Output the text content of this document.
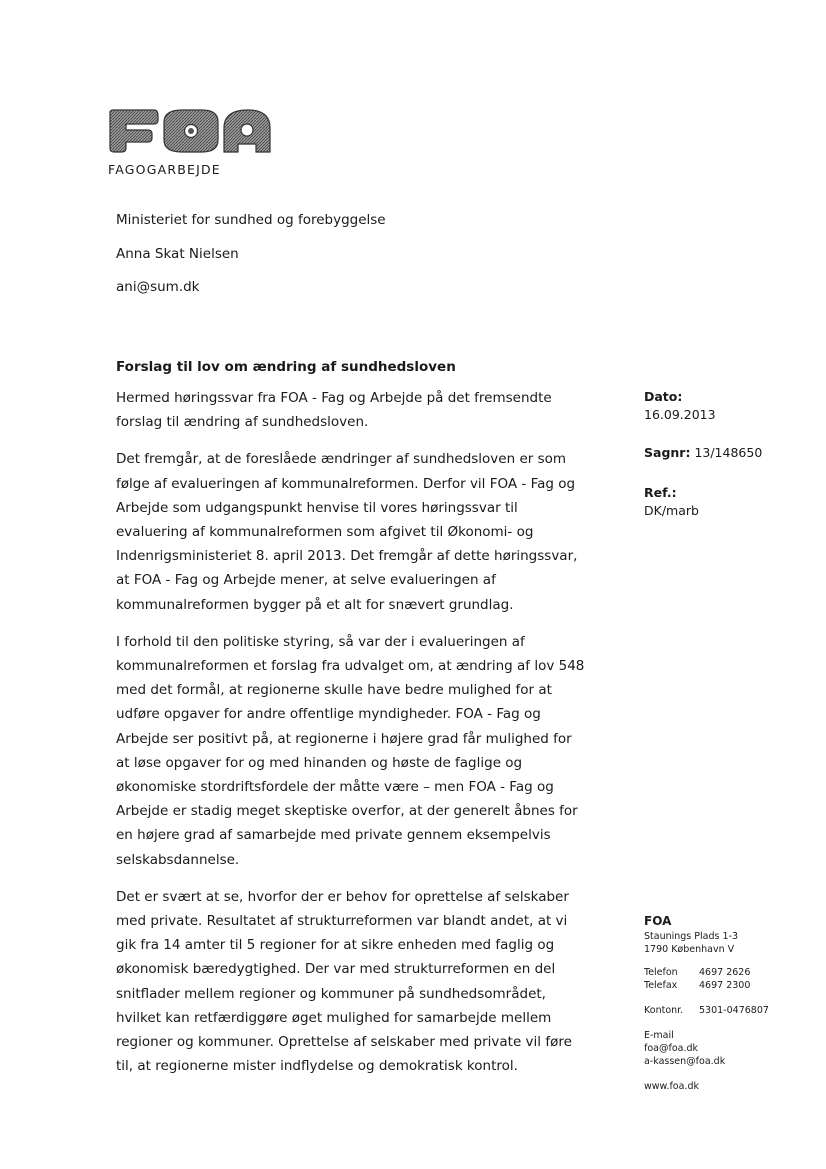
FAGOGARBEJDE
Ministeriet for sundhed og forebyggelse
Anna Skat Nielsen
ani@sum.dk
Forslag til lov om ændring af sundhedsloven

Hermed høringssvar fra FOA - Fag og Arbejde på det fremsendte forslag til ændring af sundhedsloven.

Det fremgår, at de foreslåede ændringer af sundhedsloven er som følge af evalueringen af kommunalreformen. Derfor vil FOA - Fag og Arbejde som udgangspunkt henvise til vores høringssvar til evaluering af kommunalreformen som afgivet til Økonomi- og Indenrigsministeriet 8. april 2013. Det fremgår af dette høringssvar, at FOA - Fag og Arbejde mener, at selve evalueringen af kommunalreformen bygger på et alt for snævert grundlag.

I forhold til den politiske styring, så var der i evalueringen af kommunalreformen et forslag fra udvalget om, at ændring af lov 548 med det formål, at regionerne skulle have bedre mulighed for at udføre opgaver for andre offentlige myndigheder. FOA - Fag og Arbejde ser positivt på, at regionerne i højere grad får mulighed for at løse opgaver for og med hinanden og høste de faglige og økonomiske stordriftsfordele der måtte være – men FOA - Fag og Arbejde er stadig meget skeptiske overfor, at der generelt åbnes for en højere grad af samarbejde med private gennem eksempelvis selskabsdannelse.

Det er svært at se, hvorfor der er behov for oprettelse af selskaber med private. Resultatet af strukturreformen var blandt andet, at vi gik fra 14 amter til 5 regioner for at sikre enheden med faglig og økonomisk bæredygtighed. Der var med strukturreformen en del snitflader mellem regioner og kommuner på sundhedsområdet, hvilket kan retfærdiggøre øget mulighed for samarbejde mellem regioner og kommuner. Oprettelse af selskaber med private vil føre til, at regionerne mister indflydelse og demokratisk kontrol.

Dato:
16.09.2013
Sagnr: 13/148650
Ref.:
DK/marb
FOA
Staunings Plads 1-3
1790 København V
Telefon	4697 2626
Telefax	4697 2300
Kontonr.	5301-0476807
E-mail
foa@foa.dk
a-kassen@foa.dk
www.foa.dk
